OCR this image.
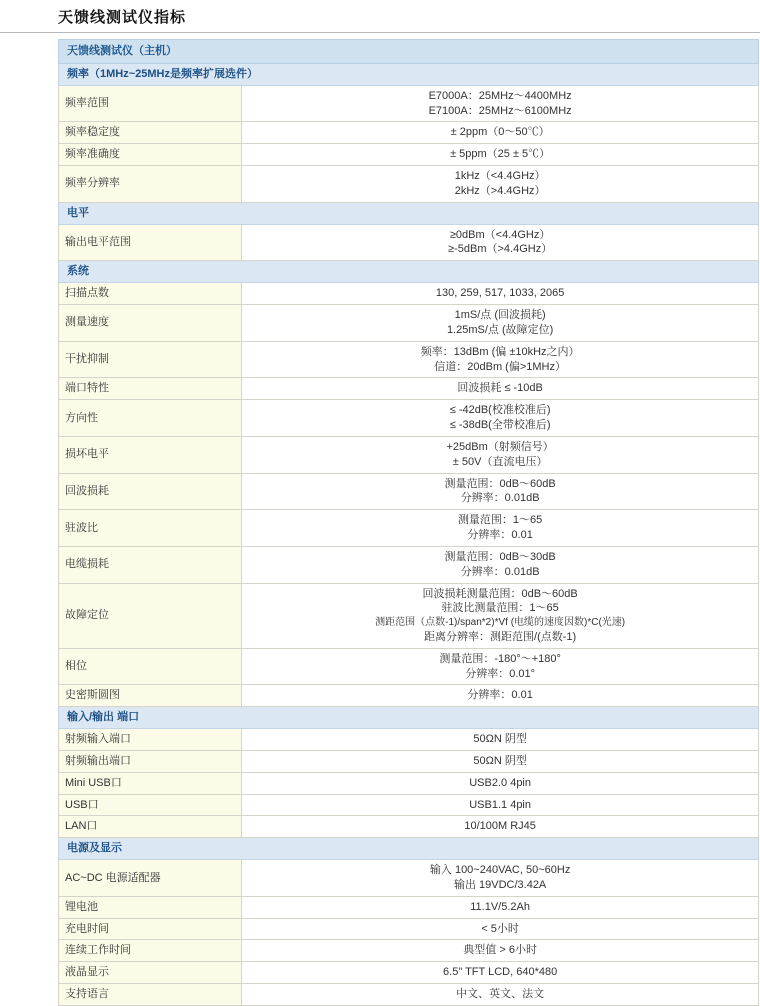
天馈线测试仪指标
天馈线测试仪（主机）	
频率（1MHz~25MHz是频率扩展选件）	
频率范围	E7000A：25MHz～4400MHz
E7100A：25MHz～6100MHz

频率稳定度	± 2ppm（0～50℃）

频率准确度	± 5ppm（25 ± 5℃）

频率分辨率	1kHz（<4.4GHz）
2kHz（>4.4GHz）

电平	
输出电平范围	≥0dBm（<4.4GHz）
≥-5dBm（>4.4GHz）

系统	
扫描点数	130, 259, 517, 1033, 2065

测量速度	1mS/点 (回波损耗)
1.25mS/点 (故障定位)

干扰抑制	频率：13dBm (偏 ±10kHz之内）
信道：20dBm (偏>1MHz）

端口特性	回波损耗 ≤ -10dB

方向性	≤ -42dB(校准校准后)
≤ -38dB(全带校准后)

损坏电平	+25dBm（射频信号）
± 50V（直流电压）

回波损耗	测量范围：0dB～60dB
分辨率：0.01dB

驻波比	测量范围：1～65
分辨率：0.01

电缆损耗	测量范围：0dB～30dB
分辨率：0.01dB

故障定位	回波损耗测量范围：0dB～60dB
驻波比测量范围：1～65
测距范围（点数-1)/span*2)*Vf (电缆的速度因数)*C(光速)
距离分辨率：测距范围/(点数-1)

相位	测量范围：-180°～+180°
分辨率：0.01°

史密斯圆图	分辨率：0.01

输入/输出 端口	
射频输入端口	50ΩN 阴型

射频输出端口	50ΩN 阴型

Mini USB口	USB2.0 4pin

USB口	USB1.1 4pin

LAN口	10/100M RJ45

电源及显示	
AC~DC 电源适配器	输入 100~240VAC, 50~60Hz
输出 19VDC/3.42A

锂电池	11.1V/5.2Ah

充电时间	< 5小时

连续工作时间	典型值 > 6小时

液晶显示	6.5" TFT LCD, 640*480

支持语言	中文、英文、法文
